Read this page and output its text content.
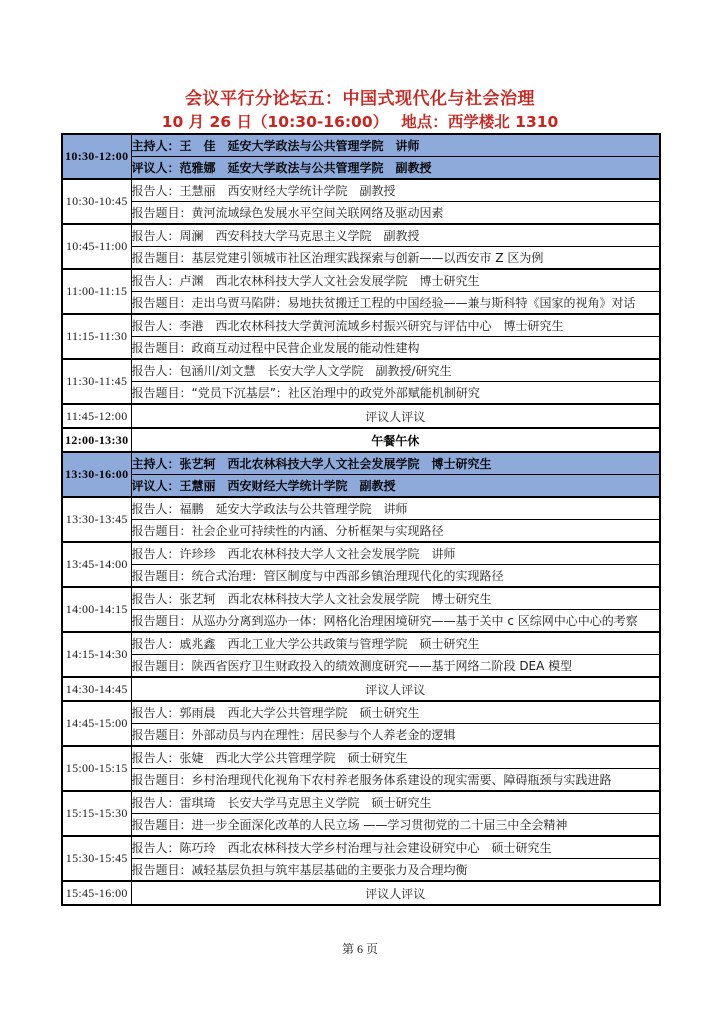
会议平行分论坛五：中国式现代化与社会治理
10 月 26 日（10:30-16:00）　 地点：西学楼北 1310
10:30-12:00	主持人：王　佳　延安大学政法与公共管理学院　讲师
	评议人：范雅娜　延安大学政法与公共管理学院　副教授
10:30-10:45	报告人：王慧丽　西安财经大学统计学院　副教授
	报告题目：黄河流域绿色发展水平空间关联网络及驱动因素
10:45-11:00	报告人：周澜　西安科技大学马克思主义学院　副教授
	报告题目：基层党建引领城市社区治理实践探索与创新——以西安市 Z 区为例
11:00-11:15	报告人：卢渊　西北农林科技大学人文社会发展学院　博士研究生
	报告题目：走出乌贾马陷阱：易地扶贫搬迁工程的中国经验——兼与斯科特《国家的视角》对话
11:15-11:30	报告人：李港　西北农林科技大学黄河流域乡村振兴研究与评估中心　博士研究生
	报告题目：政商互动过程中民营企业发展的能动性建构
11:30-11:45	报告人：包涵川/刘文慧　长安大学人文学院　副教授/研究生
	报告题目：“党员下沉基层”：社区治理中的政党外部赋能机制研究
11:45-12:00	评议人评议
12:00-13:30	午餐午休
13:30-16:00	主持人：张艺轲　西北农林科技大学人文社会发展学院　博士研究生
	评议人：王慧丽　西安财经大学统计学院　副教授
13:30-13:45	报告人：福鹏　延安大学政法与公共管理学院　讲师
	报告题目：社会企业可持续性的内涵、分析框架与实现路径
13:45-14:00	报告人：许珍珍　西北农林科技大学人文社会发展学院　讲师
	报告题目：统合式治理：管区制度与中西部乡镇治理现代化的实现路径
14:00-14:15	报告人：张艺轲　西北农林科技大学人文社会发展学院　博士研究生
	报告题目：从巡办分离到巡办一体：网格化治理困境研究——基于关中 c 区综网中心中心的考察
14:15-14:30	报告人：戚兆鑫　西北工业大学公共政策与管理学院　硕士研究生
	报告题目：陕西省医疗卫生财政投入的绩效测度研究——基于网络二阶段 DEA 模型
14:30-14:45	评议人评议
14:45-15:00	报告人：郭雨晨　西北大学公共管理学院　硕士研究生
	报告题目：外部动员与内在理性：居民参与个人养老金的逻辑
15:00-15:15	报告人：张婕　西北大学公共管理学院　硕士研究生
	报告题目：乡村治理现代化视角下农村养老服务体系建设的现实需要、障碍瓶颈与实践进路
15:15-15:30	报告人：雷琪琦　长安大学马克思主义学院　硕士研究生
	报告题目：进一步全面深化改革的人民立场 ——学习贯彻党的二十届三中全会精神
15:30-15:45	报告人：陈巧玲　西北农林科技大学乡村治理与社会建设研究中心　硕士研究生
	报告题目：减轻基层负担与筑牢基层基础的主要张力及合理均衡
15:45-16:00	评议人评议
第 6 页
